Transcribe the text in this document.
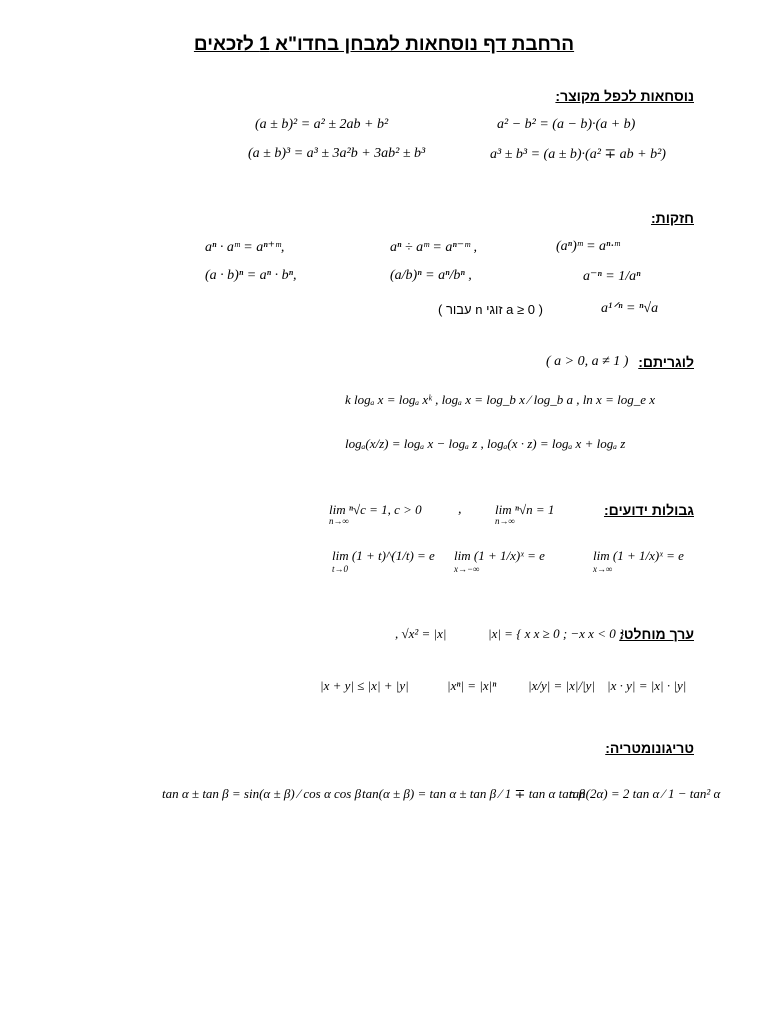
הרחבת דף נוסחאות למבחן בחדו"א 1 לזכאים
נוסחאות לכפל מקוצר:
(a ± b)² = a² ± 2ab + b²	a² − b² = (a − b)·(a + b)
(a ± b)³ = a³ ± 3a²b + 3ab² ± b³	a³ ± b³ = (a ± b)·(a² ∓ ab + b²)
חזקות:
aⁿ · aᵐ = aⁿ⁺ᵐ,	aⁿ ÷ aᵐ = aⁿ⁻ᵐ ,	(aⁿ)ᵐ = aⁿ·ᵐ
(a · b)ⁿ = aⁿ · bⁿ,	(a/b)ⁿ = aⁿ/bⁿ ,	a⁻ⁿ = 1/aⁿ
a¹ᐟⁿ = ⁿ√a
( a ≥ 0 זוגי n עבור )
לוגריתם:
( a > 0, a ≠ 1 )
k logₐ x = logₐ xᵏ , logₐ x = log_b x ⁄ log_b a , ln x = log_e x
logₐ(x/z) = logₐ x − logₐ z , logₐ(x · z) = logₐ x + logₐ z
גבולות ידועים:
lim ⁿ√c = 1, c > 0
n→∞
,	lim ⁿ√n = 1
n→∞
lim (1 + t)^(1/t) = e
t→0
lim (1 + 1/x)ˣ = e
x→−∞
lim (1 + 1/x)ˣ = e
x→∞
ערך מוחלט:
, √x² = |x|	|x| = { x x ≥ 0 ; −x x < 0 }
|x + y| ≤ |x| + |y|	|xⁿ| = |x|ⁿ |x/y| = |x|/|y| |x · y| = |x| · |y|
טריגונומטריה:
tan α ± tan β = sin(α ± β) ⁄ cos α cos β tan(α ± β) = tan α ± tan β ⁄ 1 ∓ tan α tan β
tan(2α) = 2 tan α ⁄ 1 − tan² α
